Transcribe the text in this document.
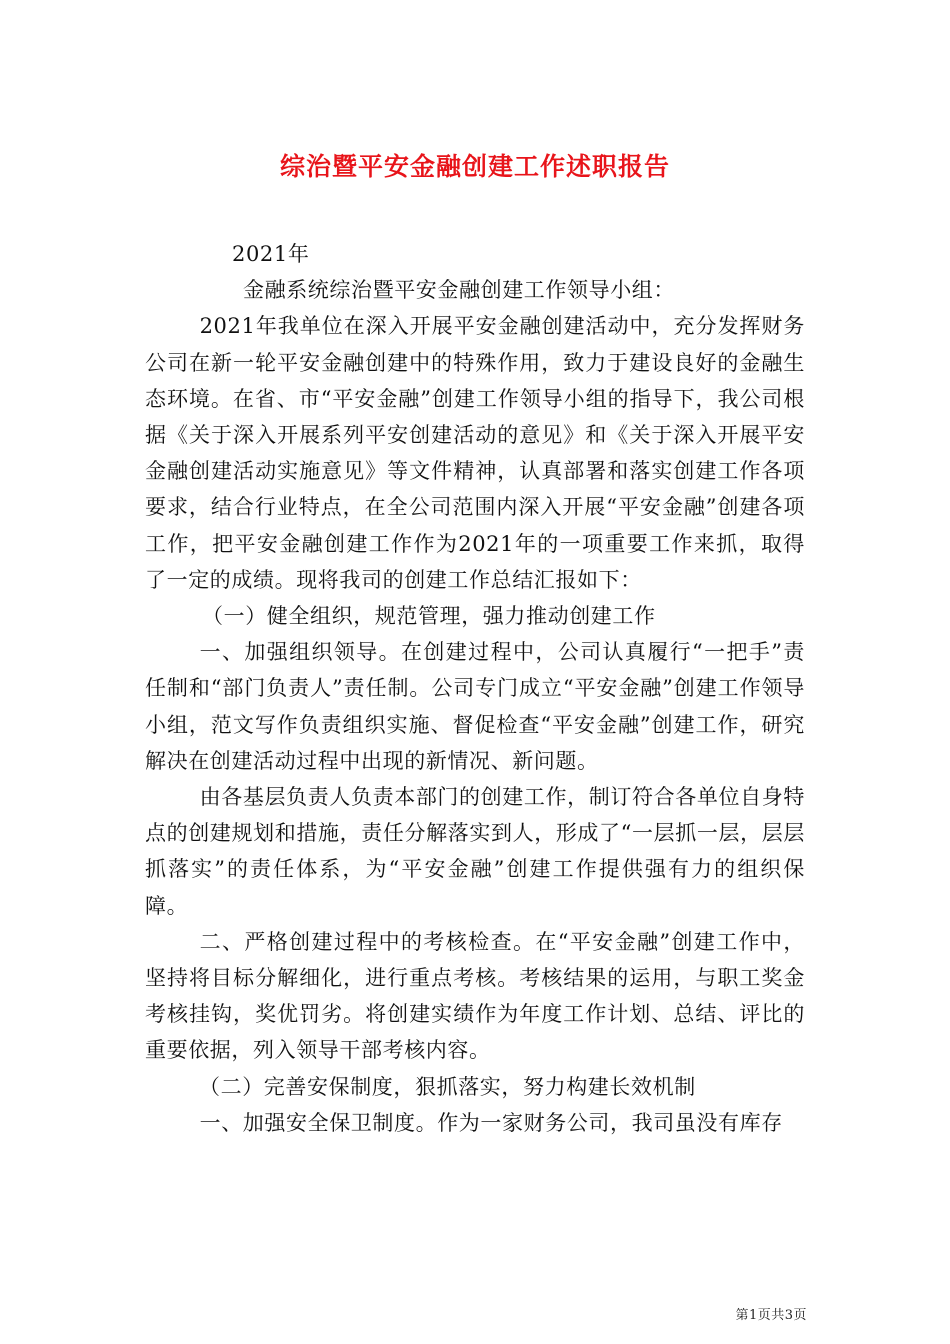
综治暨平安金融创建工作述职报告

2021年

金融系统综治暨平安金融创建工作领导小组：

2021年我单位在深入开展平安金融创建活动中，充分发挥财务公司在新一轮平安金融创建中的特殊作用，致力于建设良好的金融生态环境。在省、市“平安金融”创建工作领导小组的指导下，我公司根据《关于深入开展系列平安创建活动的意见》和《关于深入开展平安金融创建活动实施意见》等文件精神，认真部署和落实创建工作各项要求，结合行业特点，在全公司范围内深入开展“平安金融”创建各项工作，把平安金融创建工作作为2021年的一项重要工作来抓，取得了一定的成绩。现将我司的创建工作总结汇报如下：

（一）健全组织，规范管理，强力推动创建工作

一、加强组织领导。在创建过程中，公司认真履行“一把手”责任制和“部门负责人”责任制。公司专门成立“平安金融”创建工作领导小组，范文写作负责组织实施、督促检查“平安金融”创建工作，研究解决在创建活动过程中出现的新情况、新问题。

由各基层负责人负责本部门的创建工作，制订符合各单位自身特点的创建规划和措施，责任分解落实到人，形成了“一层抓一层，层层抓落实”的责任体系，为“平安金融”创建工作提供强有力的组织保障。

二、严格创建过程中的考核检查。在“平安金融”创建工作中，坚持将目标分解细化，进行重点考核。考核结果的运用，与职工奖金考核挂钩，奖优罚劣。将创建实绩作为年度工作计划、总结、评比的重要依据，列入领导干部考核内容。

（二）完善安保制度，狠抓落实，努力构建长效机制

一、加强安全保卫制度。作为一家财务公司，我司虽没有库存

第1页共3页
